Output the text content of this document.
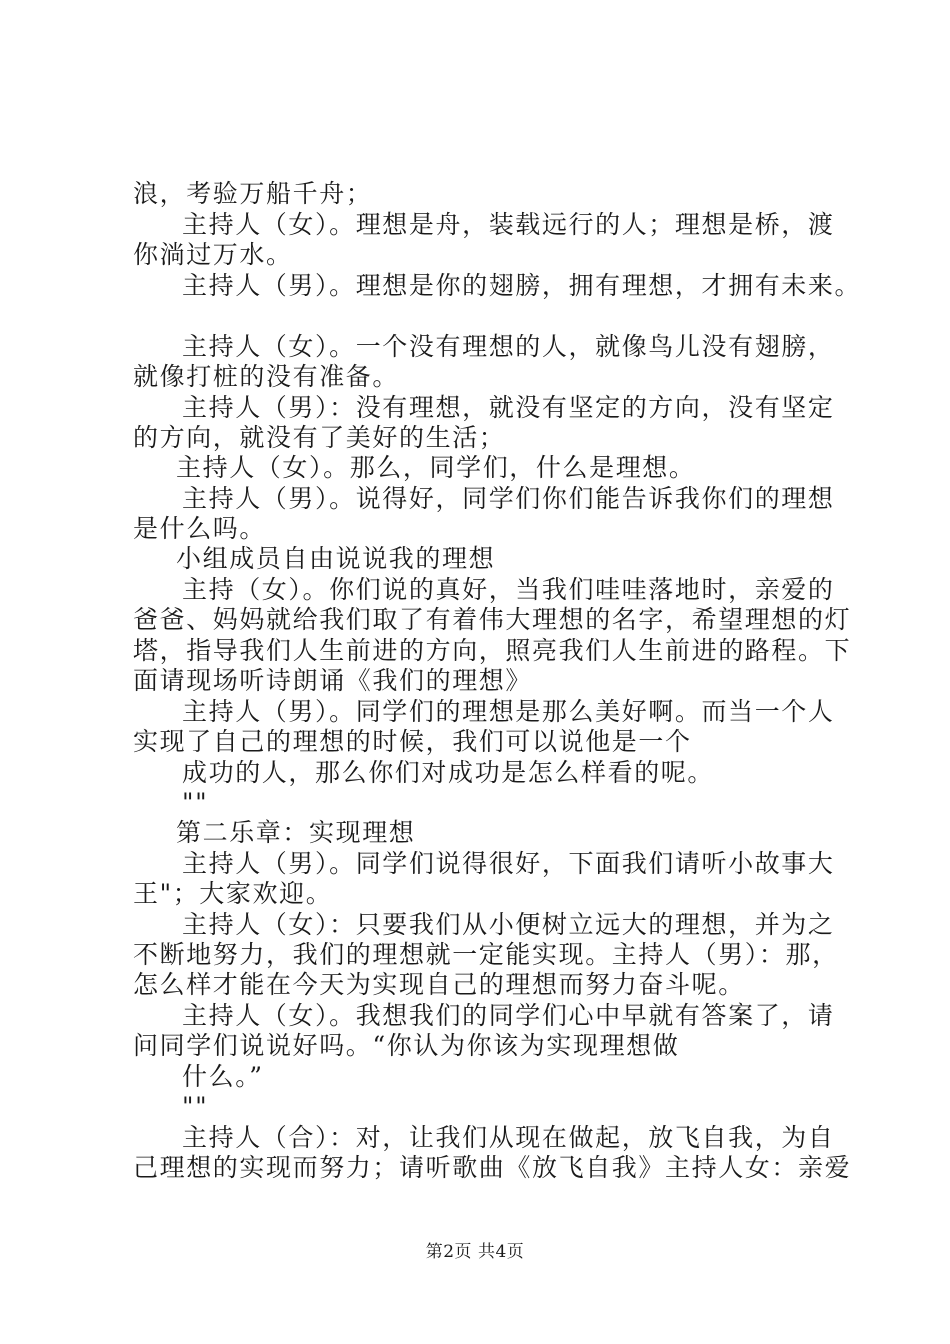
浪，考验万船千舟；
主持人（女）。理想是舟，装载远行的人；理想是桥，渡
你淌过万水。
主持人（男）。理想是你的翅膀，拥有理想，才拥有未来。
主持人（女）。一个没有理想的人，就像鸟儿没有翅膀，
就像打桩的没有准备。
主持人（男）：没有理想，就没有坚定的方向，没有坚定
的方向，就没有了美好的生活；
主持人（女）。那么，同学们，什么是理想。
主持人（男）。说得好，同学们你们能告诉我你们的理想
是什么吗。
小组成员自由说说我的理想
主持（女）。你们说的真好，当我们哇哇落地时，亲爱的
爸爸、妈妈就给我们取了有着伟大理想的名字，希望理想的灯
塔，指导我们人生前进的方向，照亮我们人生前进的路程。下
面请现场听诗朗诵《我们的理想》
主持人（男）。同学们的理想是那么美好啊。而当一个人
实现了自己的理想的时候，我们可以说他是一个
成功的人，那么你们对成功是怎么样看的呢。
""
第二乐章：实现理想
主持人（男）。同学们说得很好，下面我们请听小故事大
王"；大家欢迎。
主持人（女）：只要我们从小便树立远大的理想，并为之
不断地努力，我们的理想就一定能实现。主持人（男）：那，
怎么样才能在今天为实现自己的理想而努力奋斗呢。
主持人（女）。我想我们的同学们心中早就有答案了，请
问同学们说说好吗。“你认为你该为实现理想做
什么。”
""
主持人（合）：对，让我们从现在做起，放飞自我，为自
己理想的实现而努力；请听歌曲《放飞自我》主持人女：亲爱
第2页 共4页
